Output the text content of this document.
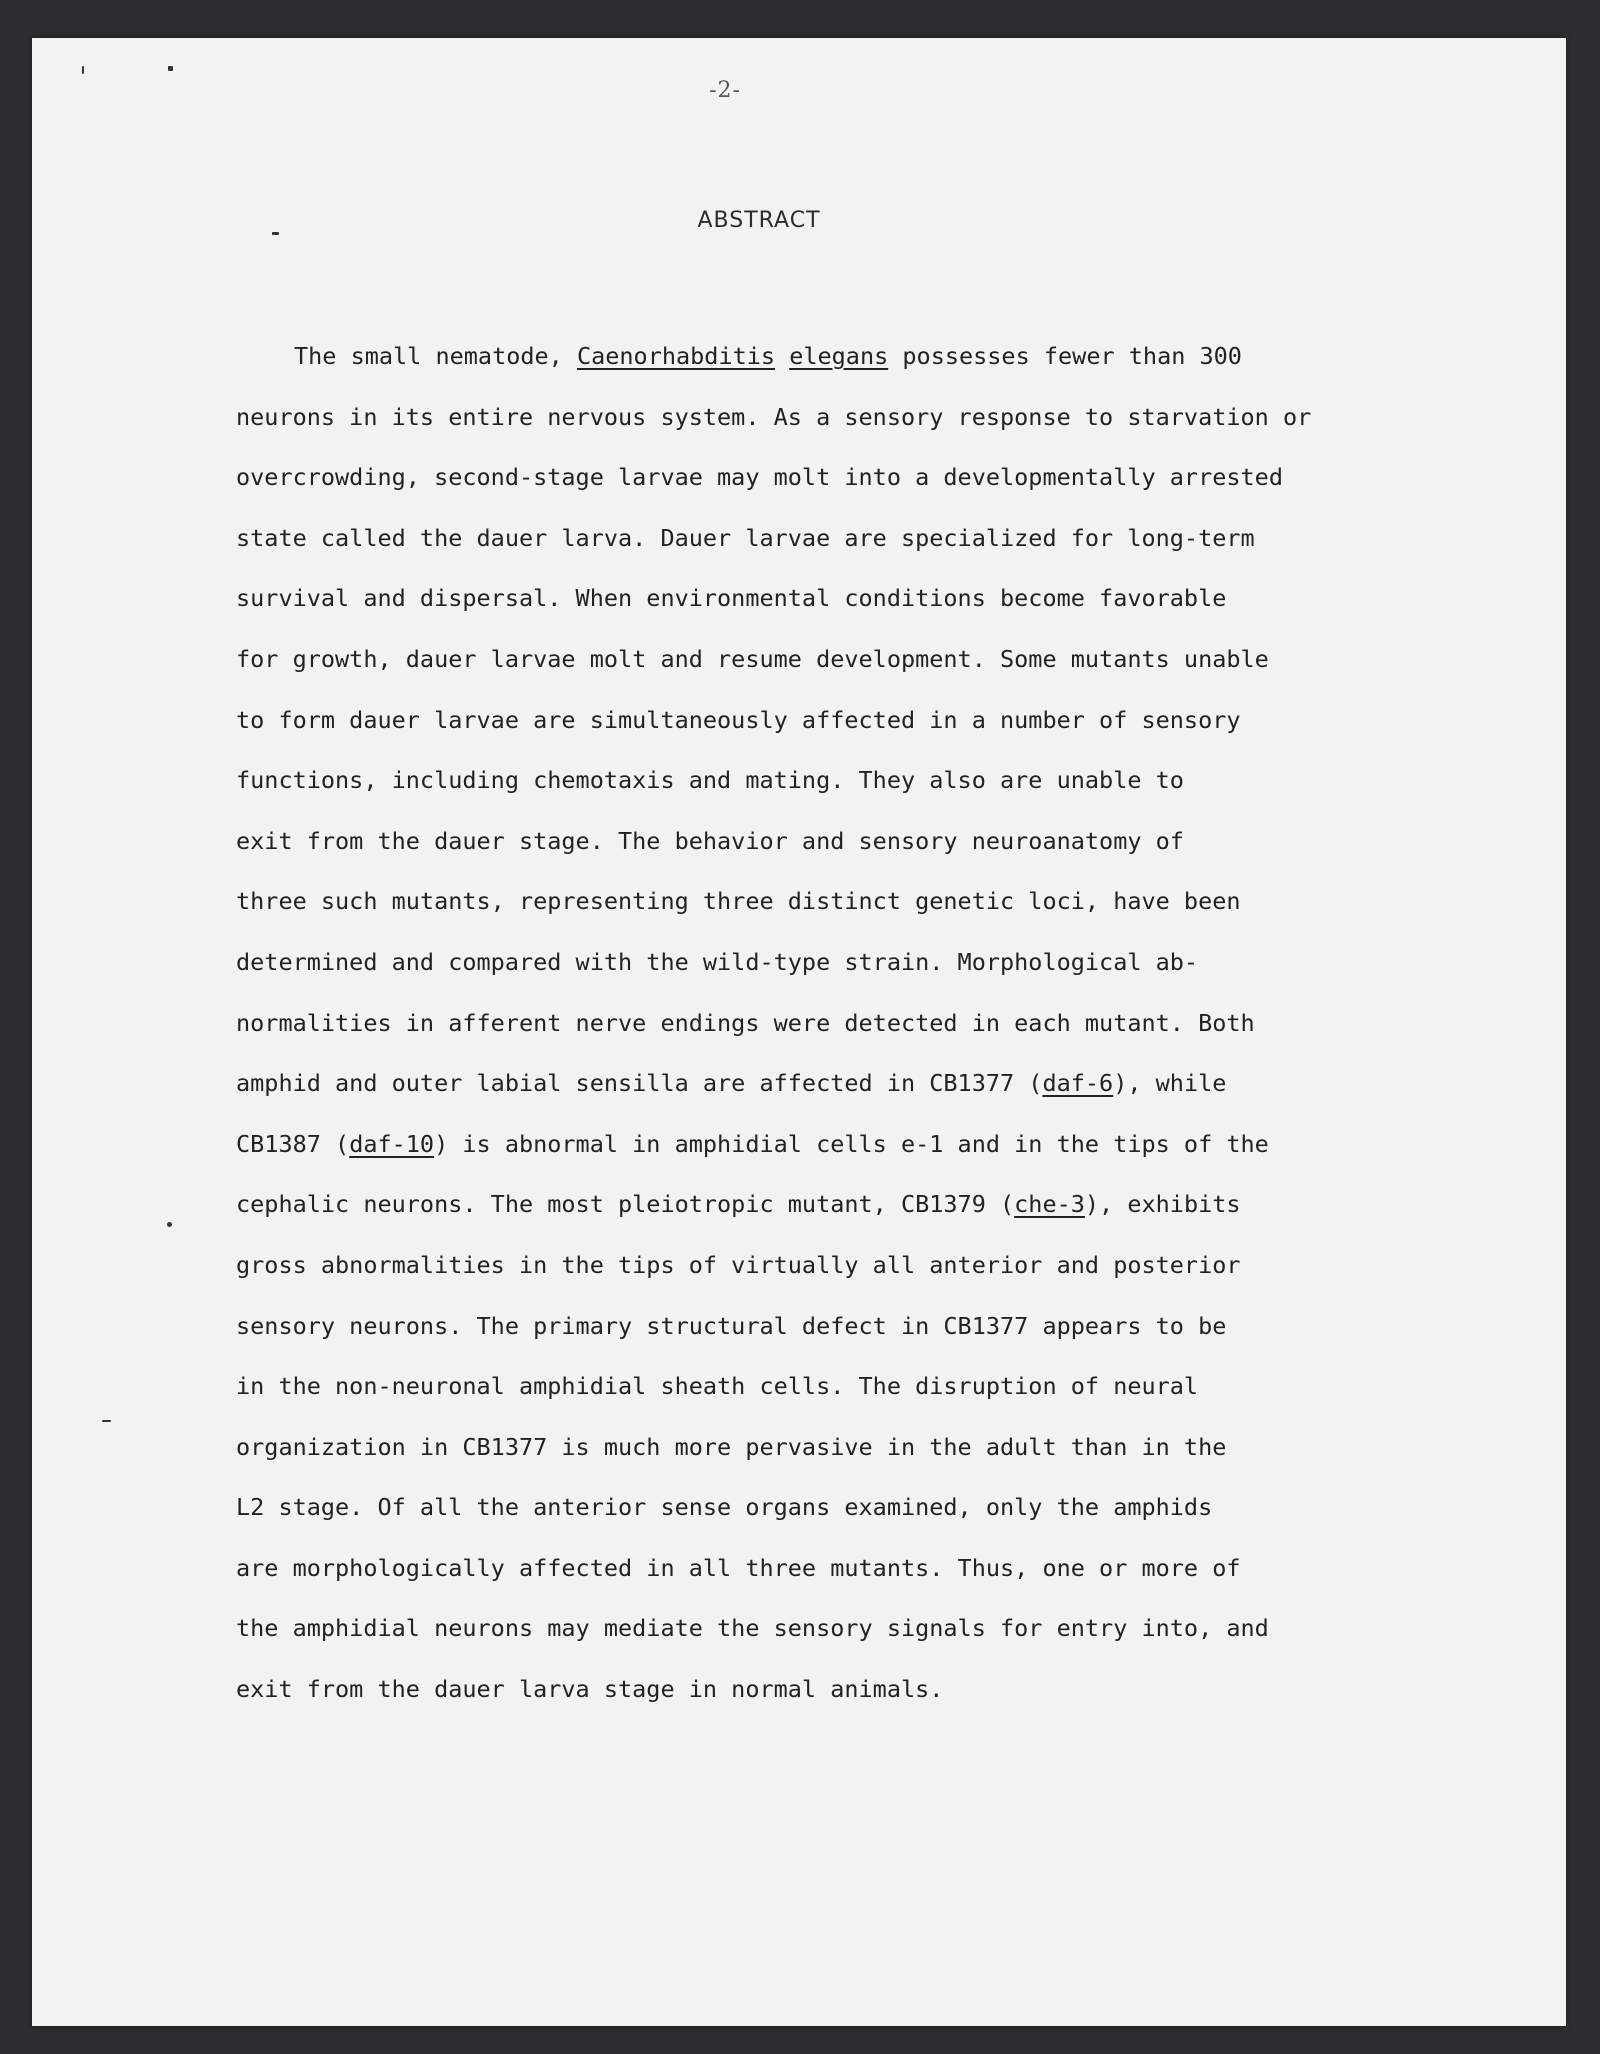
-2-
ABSTRACT
The small nematode, Caenorhabditis elegans possesses fewer than 300
neurons in its entire nervous system. As a sensory response to starvation or
overcrowding, second-stage larvae may molt into a developmentally arrested
state called the dauer larva. Dauer larvae are specialized for long-term
survival and dispersal. When environmental conditions become favorable
for growth, dauer larvae molt and resume development. Some mutants unable
to form dauer larvae are simultaneously affected in a number of sensory
functions, including chemotaxis and mating. They also are unable to
exit from the dauer stage. The behavior and sensory neuroanatomy of
three such mutants, representing three distinct genetic loci, have been
determined and compared with the wild-type strain. Morphological ab-
normalities in afferent nerve endings were detected in each mutant. Both
amphid and outer labial sensilla are affected in CB1377 (daf-6), while
CB1387 (daf-10) is abnormal in amphidial cells e-1 and in the tips of the
cephalic neurons. The most pleiotropic mutant, CB1379 (che-3), exhibits
gross abnormalities in the tips of virtually all anterior and posterior
sensory neurons. The primary structural defect in CB1377 appears to be
in the non-neuronal amphidial sheath cells. The disruption of neural
organization in CB1377 is much more pervasive in the adult than in the
L2 stage. Of all the anterior sense organs examined, only the amphids
are morphologically affected in all three mutants. Thus, one or more of
the amphidial neurons may mediate the sensory signals for entry into, and
exit from the dauer larva stage in normal animals.
